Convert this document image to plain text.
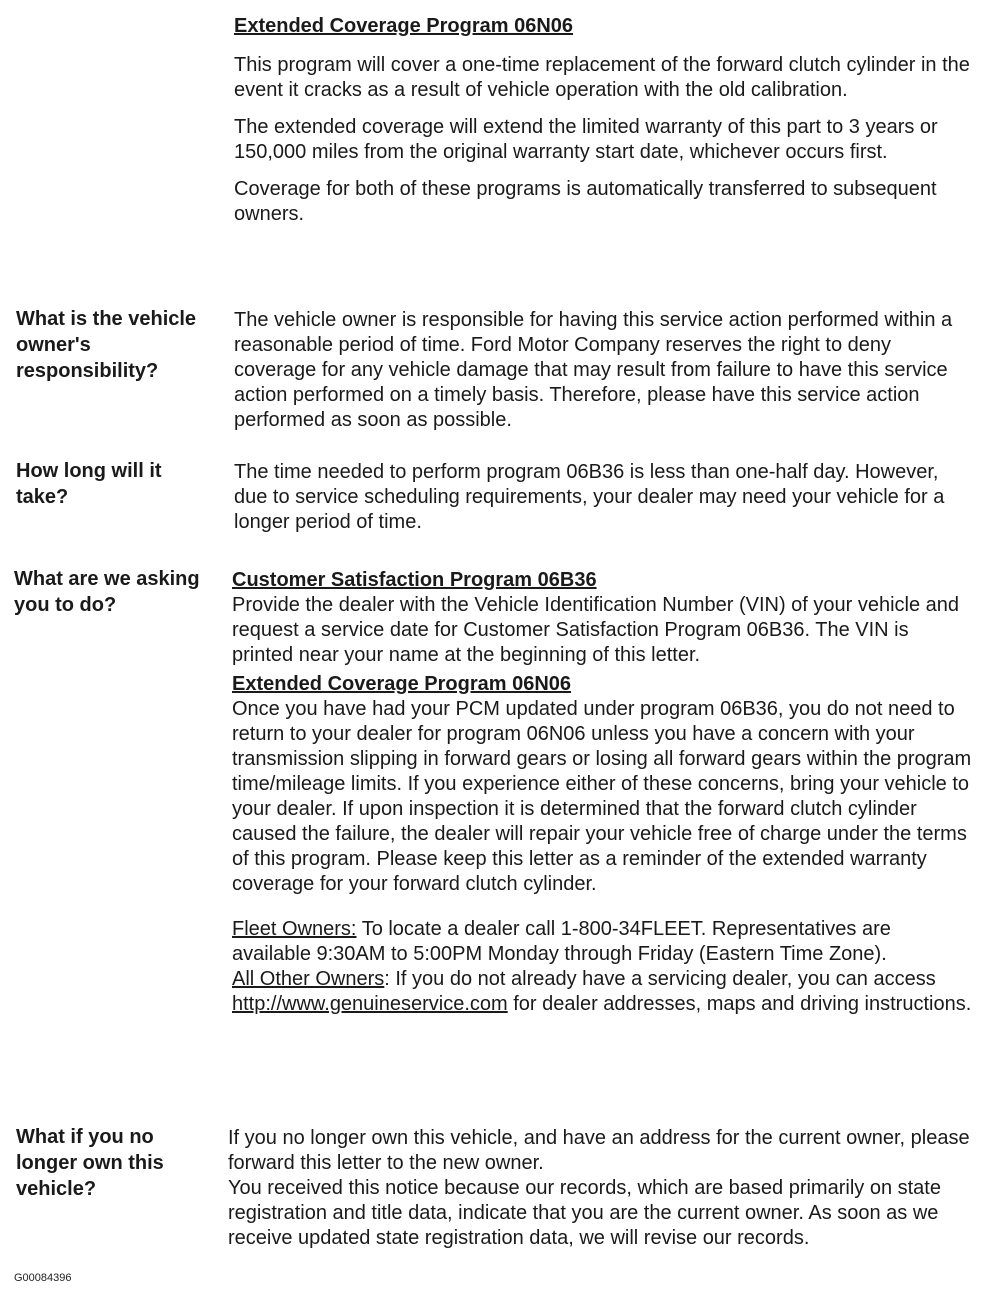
Extended Coverage Program 06N06

This program will cover a one-time replacement of the forward clutch cylinder in the event it cracks as a result of vehicle operation with the old calibration.

The extended coverage will extend the limited warranty of this part to 3 years or 150,000 miles from the original warranty start date, whichever occurs first.

Coverage for both of these programs is automatically transferred to subsequent owners.

What is the vehicle owner's responsibility?

The vehicle owner is responsible for having this service action performed within a reasonable period of time. Ford Motor Company reserves the right to deny coverage for any vehicle damage that may result from failure to have this service action performed on a timely basis. Therefore, please have this service action performed as soon as possible.

How long will it take?

The time needed to perform program 06B36 is less than one-half day. However, due to service scheduling requirements, your dealer may need your vehicle for a longer period of time.

What are we asking you to do?
Customer Satisfaction Program 06B36

Provide the dealer with the Vehicle Identification Number (VIN) of your vehicle and request a service date for Customer Satisfaction Program 06B36. The VIN is printed near your name at the beginning of this letter.

Extended Coverage Program 06N06

Once you have had your PCM updated under program 06B36, you do not need to return to your dealer for program 06N06 unless you have a concern with your transmission slipping in forward gears or losing all forward gears within the program time/mileage limits. If you experience either of these concerns, bring your vehicle to your dealer. If upon inspection it is determined that the forward clutch cylinder caused the failure, the dealer will repair your vehicle free of charge under the terms of this program. Please keep this letter as a reminder of the extended warranty coverage for your forward clutch cylinder.

Fleet Owners: To locate a dealer call 1-800-34FLEET. Representatives are available 9:30AM to 5:00PM Monday through Friday (Eastern Time Zone).

All Other Owners: If you do not already have a servicing dealer, you can access http://www.genuineservice.com for dealer addresses, maps and driving instructions.

What if you no longer own this vehicle?

If you no longer own this vehicle, and have an address for the current owner, please forward this letter to the new owner.

You received this notice because our records, which are based primarily on state registration and title data, indicate that you are the current owner. As soon as we receive updated state registration data, we will revise our records.

G00084396
